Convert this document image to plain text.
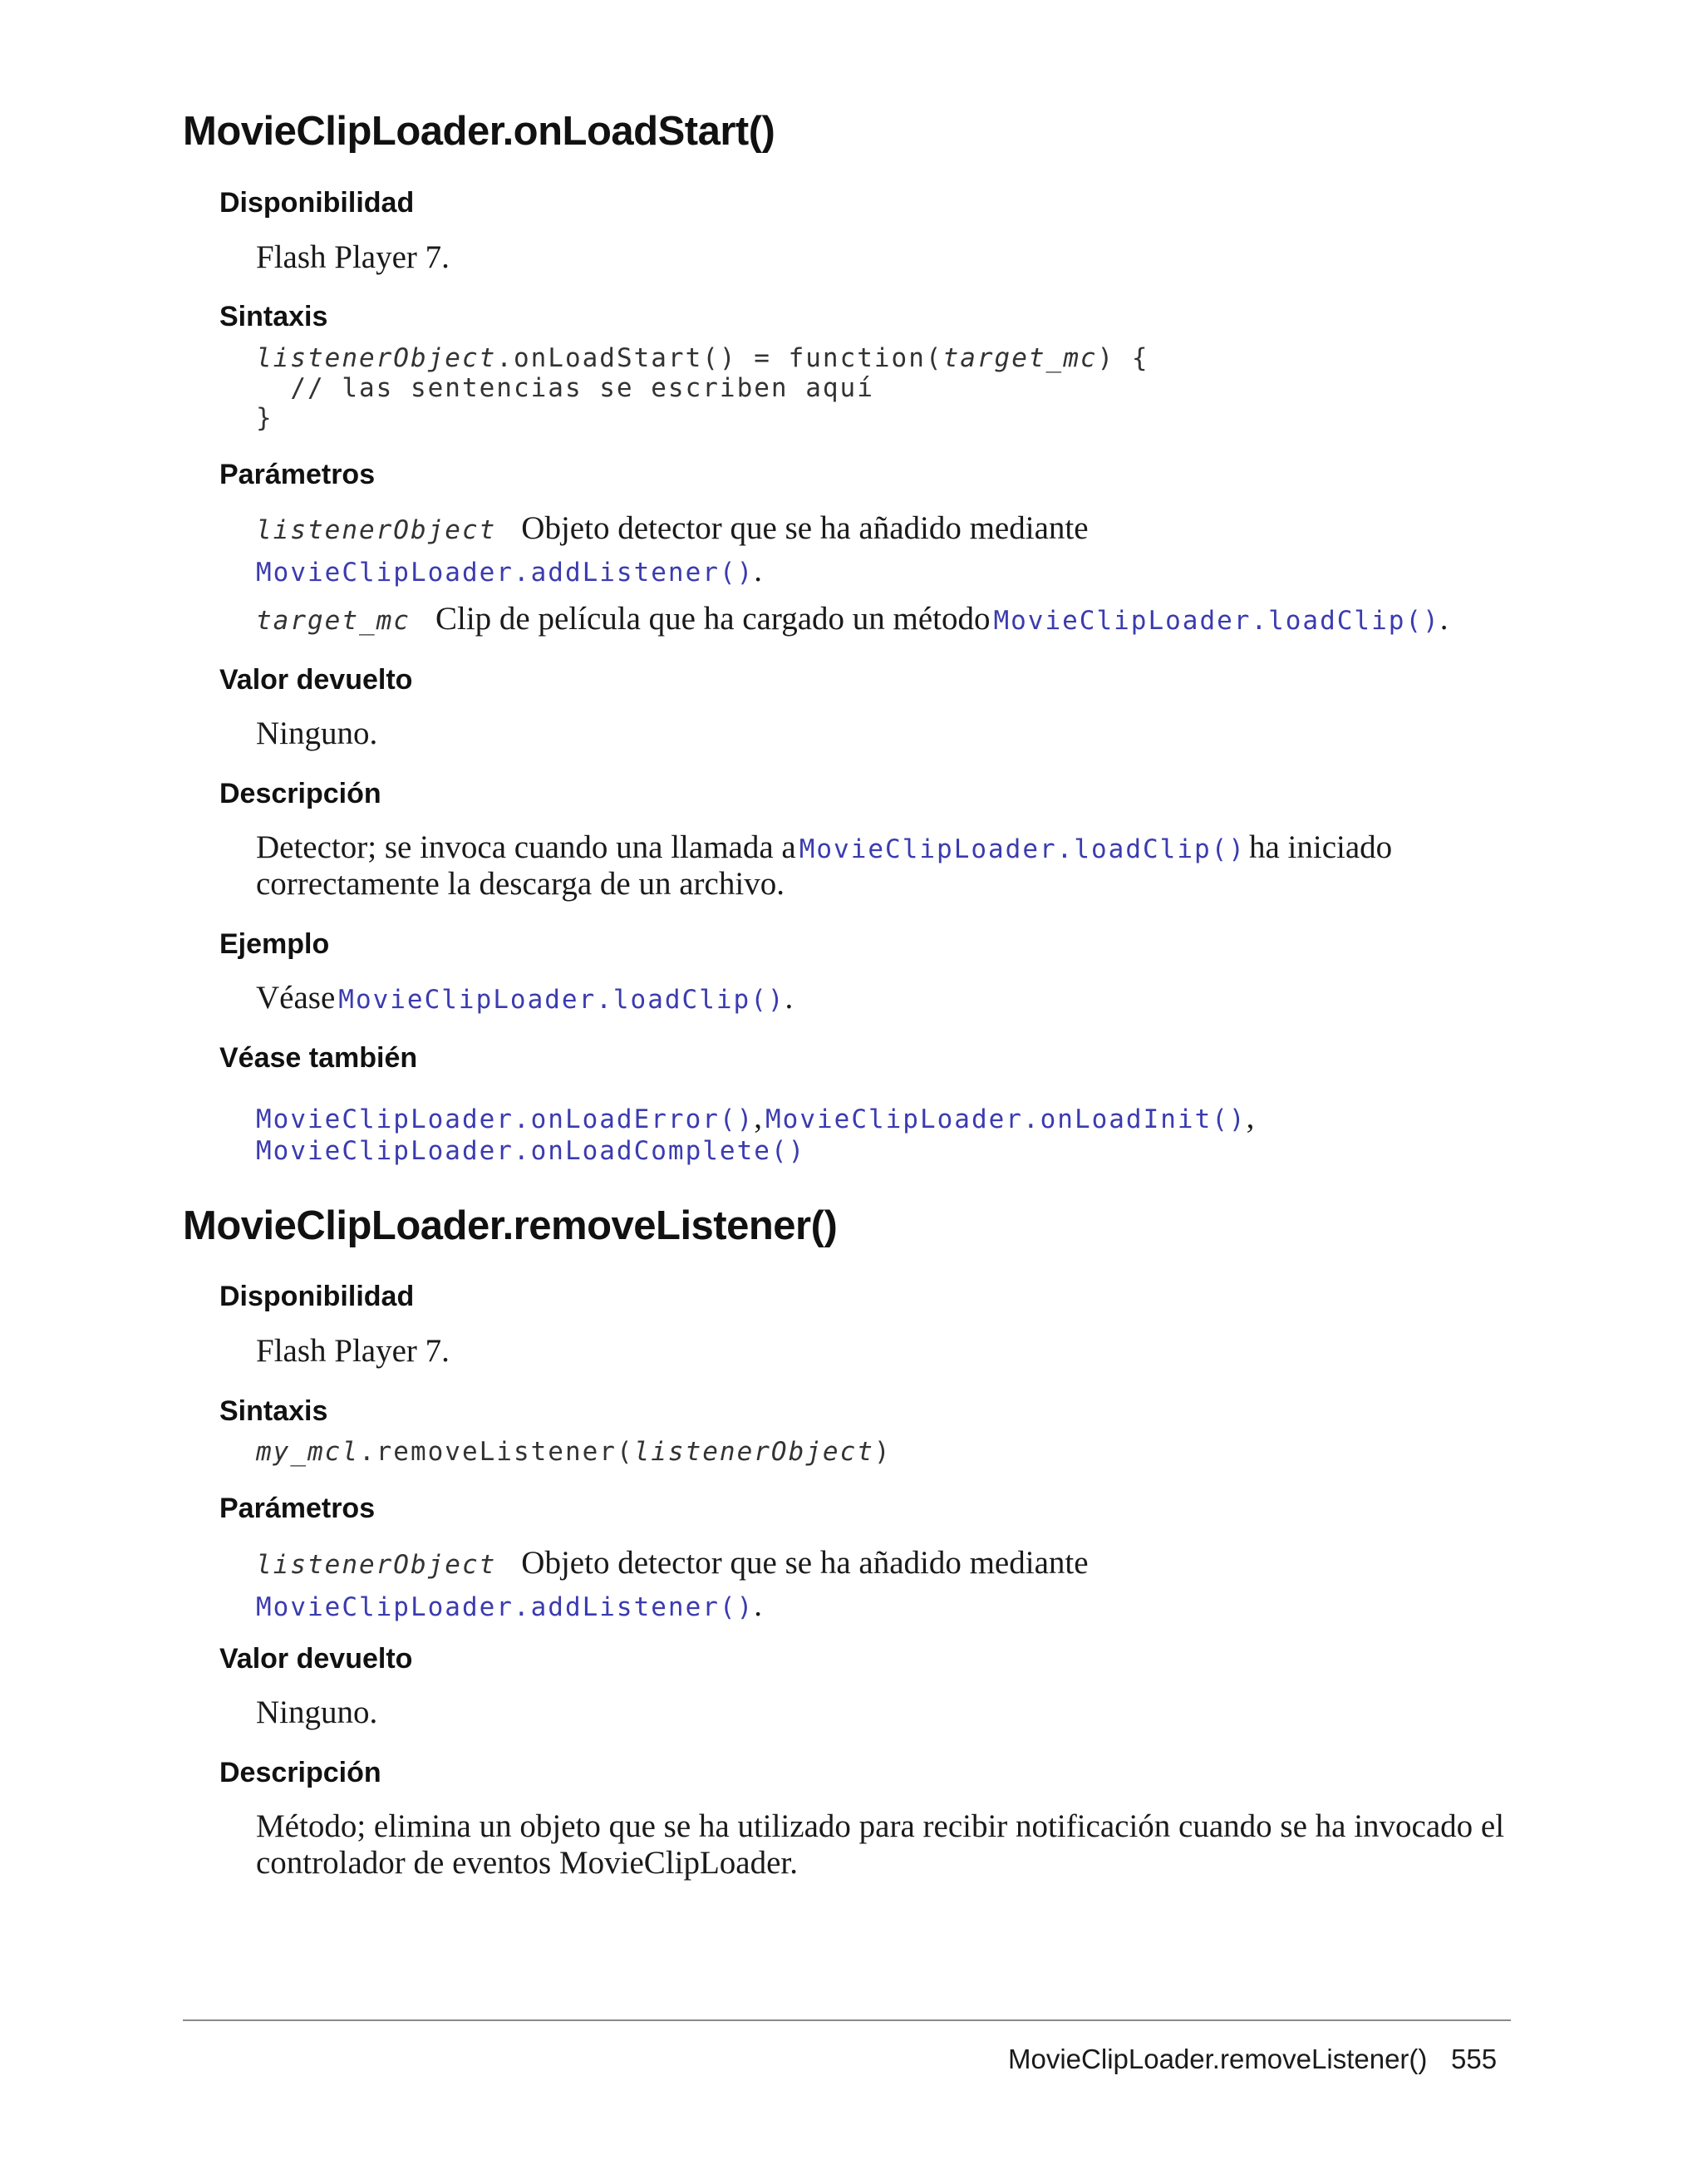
MovieClipLoader.onLoadStart()
Disponibilidad
Flash Player 7.
Sintaxis
listenerObject.onLoadStart() = function(target_mc) {
// las sentencias se escriben aquí
}
Parámetros
listenerObject Objeto detector que se ha añadido mediante
MovieClipLoader.addListener().
target_mc Clip de película que ha cargado un método MovieClipLoader.loadClip().
Valor devuelto
Ninguno.
Descripción
Detector; se invoca cuando una llamada a MovieClipLoader.loadClip() ha iniciado
correctamente la descarga de un archivo.
Ejemplo
Véase MovieClipLoader.loadClip().
Véase también
MovieClipLoader.onLoadError(), MovieClipLoader.onLoadInit(),
MovieClipLoader.onLoadComplete()
MovieClipLoader.removeListener()
Disponibilidad
Flash Player 7.
Sintaxis
my_mcl.removeListener(listenerObject)
Parámetros
listenerObject Objeto detector que se ha añadido mediante
MovieClipLoader.addListener().
Valor devuelto
Ninguno.
Descripción
Método; elimina un objeto que se ha utilizado para recibir notificación cuando se ha invocado el
controlador de eventos MovieClipLoader.
MovieClipLoader.removeListener() 555
